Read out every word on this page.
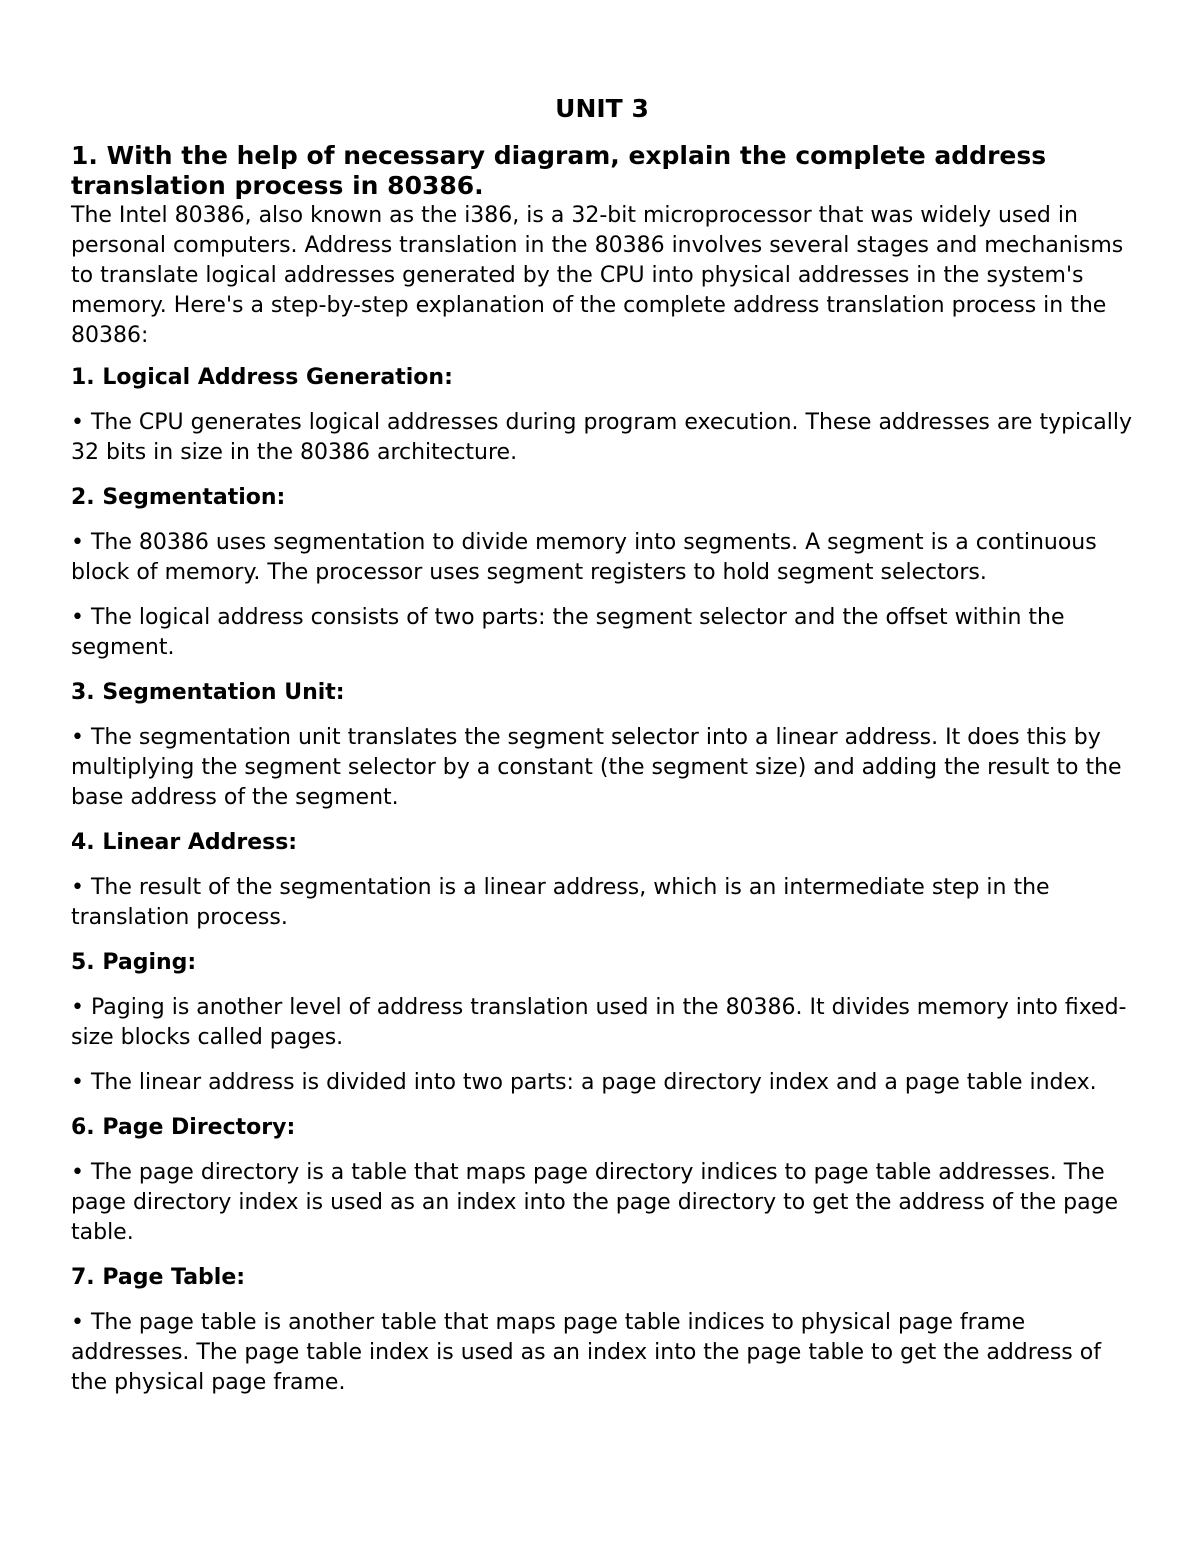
UNIT 3
1. With the help of necessary diagram, explain the complete address translation process in 80386.
The Intel 80386, also known as the i386, is a 32-bit microprocessor that was widely used in personal computers. Address translation in the 80386 involves several stages and mechanisms to translate logical addresses generated by the CPU into physical addresses in the system's memory. Here's a step-by-step explanation of the complete address translation process in the 80386:
1. Logical Address Generation:
• The CPU generates logical addresses during program execution. These addresses are typically 32 bits in size in the 80386 architecture.
2. Segmentation:
• The 80386 uses segmentation to divide memory into segments. A segment is a continuous block of memory. The processor uses segment registers to hold segment selectors.
• The logical address consists of two parts: the segment selector and the offset within the segment.
3. Segmentation Unit:
• The segmentation unit translates the segment selector into a linear address. It does this by multiplying the segment selector by a constant (the segment size) and adding the result to the base address of the segment.
4. Linear Address:
• The result of the segmentation is a linear address, which is an intermediate step in the translation process.
5. Paging:
• Paging is another level of address translation used in the 80386. It divides memory into fixed-size blocks called pages.
• The linear address is divided into two parts: a page directory index and a page table index.
6. Page Directory:
• The page directory is a table that maps page directory indices to page table addresses. The page directory index is used as an index into the page directory to get the address of the page table.
7. Page Table:
• The page table is another table that maps page table indices to physical page frame addresses. The page table index is used as an index into the page table to get the address of the physical page frame.
